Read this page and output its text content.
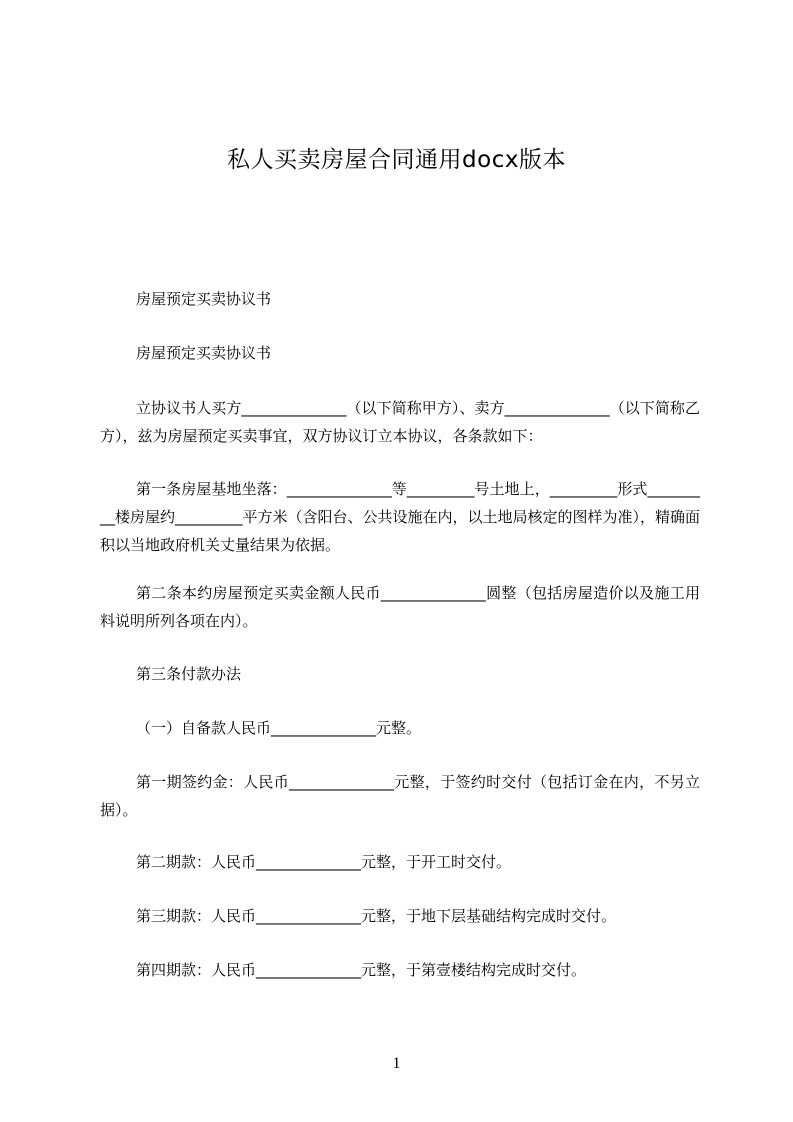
私人买卖房屋合同通用docx版本

房屋预定买卖协议书

房屋预定买卖协议书

立协议书人买方______________（以下简称甲方）、卖方______________（以下简称乙方），兹为房屋预定买卖事宜，双方协议订立本协议，各条款如下：

第一条房屋基地坐落：______________等_________号土地上，_________形式_________楼房屋约_________平方米（含阳台、公共设施在内，以土地局核定的图样为准），精确面积以当地政府机关丈量结果为依据。

第二条本约房屋预定买卖金额人民币______________圆整（包括房屋造价以及施工用料说明所列各项在内）。

第三条付款办法

（一）自备款人民币______________元整。

第一期签约金：人民币______________元整，于签约时交付（包括订金在内，不另立据）。

第二期款：人民币______________元整，于开工时交付。

第三期款：人民币______________元整，于地下层基础结构完成时交付。

第四期款：人民币______________元整，于第壹楼结构完成时交付。

1
